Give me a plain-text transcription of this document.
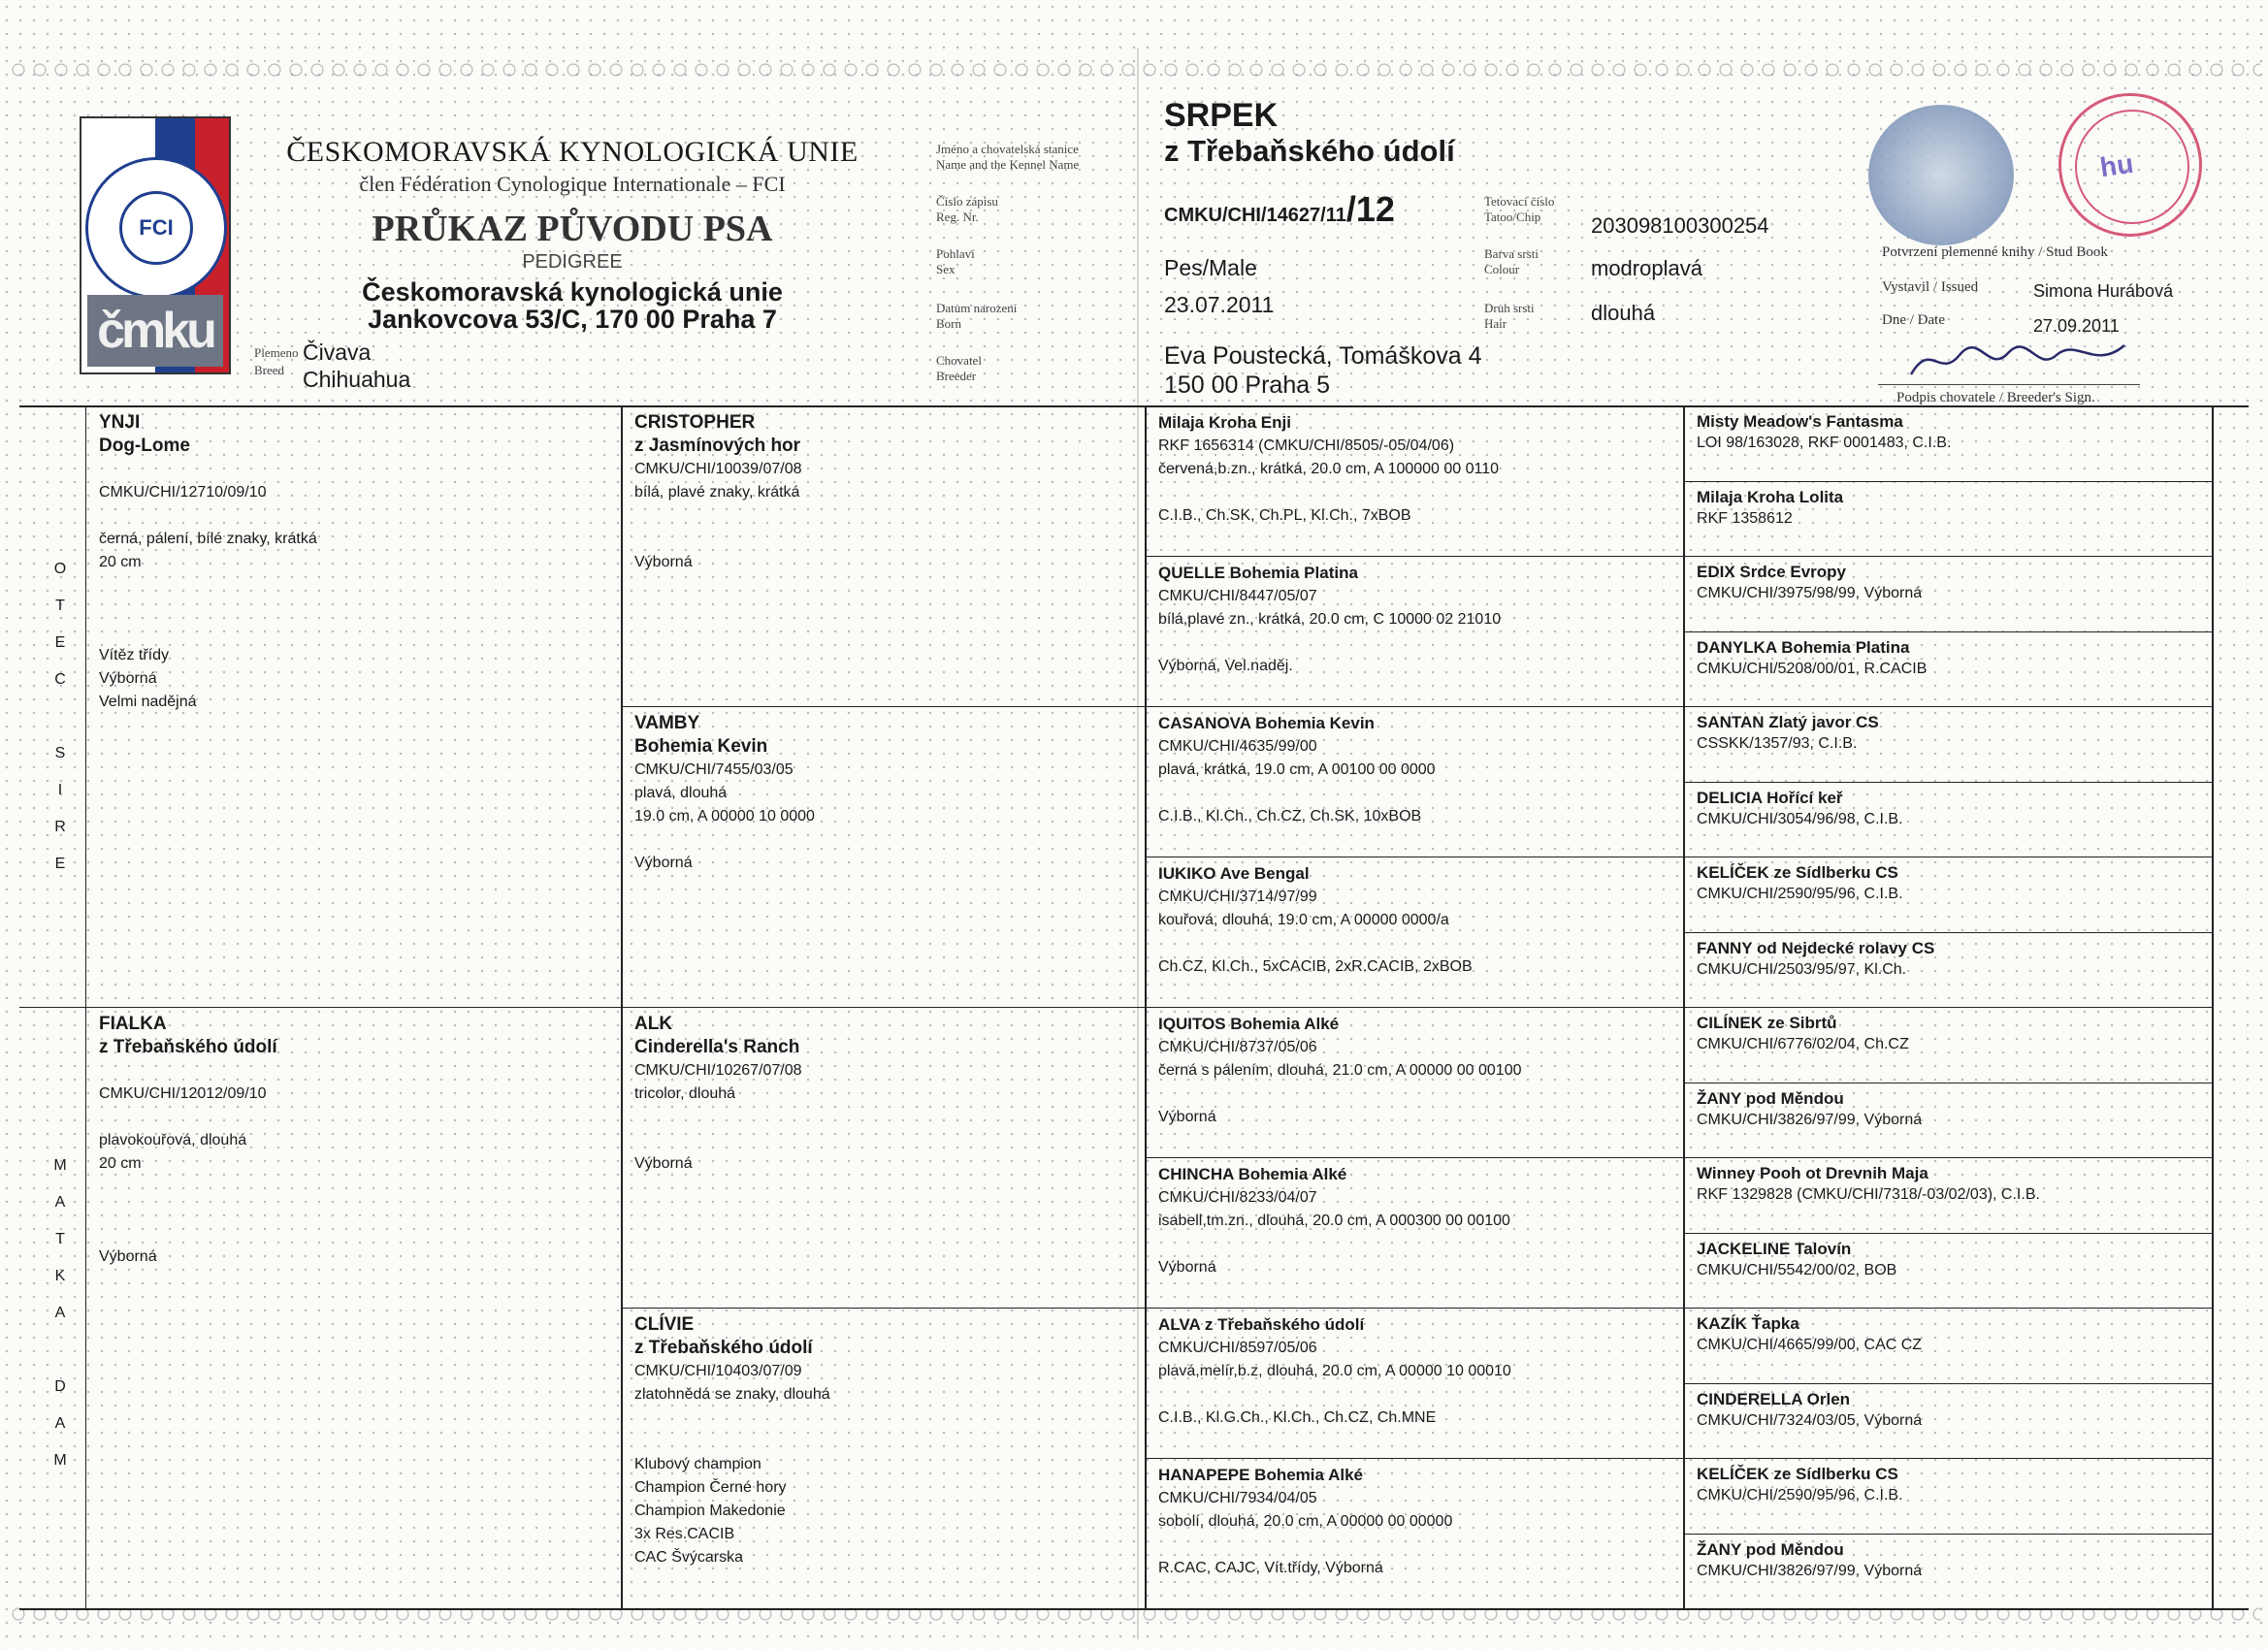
FCI
čmku
ČESKOMORAVSKÁ KYNOLOGICKÁ UNIE
člen Fédération Cynologique Internationale – FCI
PRŮKAZ PŮVODU PSA
PEDIGREE
Českomoravská kynologická unie
Jankovcova 53/C, 170 00 Praha 7
Plemeno
Breed
Čivava
Chihuahua
Jméno a chovatelská stanice
Name and the Kennel Name
Číslo zápisu
Reg. Nr.
Pohlaví
Sex
Datum narození
Born
Chovatel
Breeder
SRPEK
z Třebaňského údolí
CMKU/CHI/14627/11/12
Pes/Male
23.07.2011
Eva Poustecká, Tomáškova 4
150 00 Praha 5
Tetovací číslo
Tatoo/Chip
Barva srsti
Colour
Druh srsti
Hair
203098100300254
modroplavá
dlouhá
hu
Potvrzení plemenné knihy / Stud Book
Vystavil / Issued	Simona Hurábová
Dne / Date	27.09.2011
Podpis chovatele / Breeder's Sign.
YNJI
Dog-Lome

CMKU/CHI/12710/09/10

černá, pálení, bílé znaky, krátká
20 cm

Vítěz třídy
Výborná
Velmi nadějná
FIALKA
z Třebaňského údolí

CMKU/CHI/12012/09/10

plavokouřová, dlouhá
20 cm

Výborná
CRISTOPHER
z Jasmínových hor
CMKU/CHI/10039/07/08
bílá, plavé znaky, krátká

Výborná
VAMBY
Bohemia Kevin
CMKU/CHI/7455/03/05
plavá, dlouhá
19.0 cm, A 00000 10 0000

Výborná
ALK
Cinderella's Ranch
CMKU/CHI/10267/07/08
tricolor, dlouhá

Výborná
CLÍVIE
z Třebaňského údolí
CMKU/CHI/10403/07/09
zlatohnědá se znaky, dlouhá

Klubový champion
Champion Černé hory
Champion Makedonie
3x Res.CACIB
CAC Švýcarska
Milaja Kroha Enji
RKF 1656314 (CMKU/CHI/8505/-05/04/06)
červená,b.zn., krátká, 20.0 cm, A 100000 00 0110

C.I.B., Ch.SK, Ch.PL, Kl.Ch., 7xBOB
QUELLE Bohemia Platina
CMKU/CHI/8447/05/07
bílá,plavé zn., krátká, 20.0 cm, C 10000 02 21010

Výborná, Vel.naděj.
CASANOVA Bohemia Kevin
CMKU/CHI/4635/99/00
plavá, krátká, 19.0 cm, A 00100 00 0000

C.I.B., Kl.Ch., Ch.CZ, Ch.SK, 10xBOB
IUKIKO Ave Bengal
CMKU/CHI/3714/97/99
kouřová, dlouhá, 19.0 cm, A 00000 0000/a

Ch.CZ, Kl.Ch., 5xCACIB, 2xR.CACIB, 2xBOB
IQUITOS Bohemia Alké
CMKU/CHI/8737/05/06
černá s pálením, dlouhá, 21.0 cm, A 00000 00 00100

Výborná
CHINCHA Bohemia Alké
CMKU/CHI/8233/04/07
isabell,tm.zn., dlouhá, 20.0 cm, A 000300 00 00100

Výborná
ALVA z Třebaňského údolí
CMKU/CHI/8597/05/06
plavá,melír,b.z, dlouhá, 20.0 cm, A 00000 10 00010

C.I.B., Kl.G.Ch., Kl.Ch., Ch.CZ, Ch.MNE
HANAPEPE Bohemia Alké
CMKU/CHI/7934/04/05
sobolí, dlouhá, 20.0 cm, A 00000 00 00000

R.CAC, CAJC, Vít.třídy, Výborná
Misty Meadow's Fantasma
LOI 98/163028, RKF 0001483, C.I.B.
Milaja Kroha Lolita
RKF 1358612
EDIX Srdce Evropy
CMKU/CHI/3975/98/99, Výborná
DANYLKA Bohemia Platina
CMKU/CHI/5208/00/01, R.CACIB
SANTAN Zlatý javor CS
CSSKK/1357/93, C.I.B.
DELICIA Hořící keř
CMKU/CHI/3054/96/98, C.I.B.
KELÍČEK ze Sídlberku CS
CMKU/CHI/2590/95/96, C.I.B.
FANNY od Nejdecké rolavy CS
CMKU/CHI/2503/95/97, Kl.Ch.
CILÍNEK ze Sibrtů
CMKU/CHI/6776/02/04, Ch.CZ
ŽANY pod Měndou
CMKU/CHI/3826/97/99, Výborná
Winney Pooh ot Drevnih Maja
RKF 1329828 (CMKU/CHI/7318/-03/02/03), C.I.B.
JACKELINE Talovín
CMKU/CHI/5542/00/02, BOB
KAZÍK Ťapka
CMKU/CHI/4665/99/00, CAC CZ
CINDERELLA Orlen
CMKU/CHI/7324/03/05, Výborná
KELÍČEK ze Sídlberku CS
CMKU/CHI/2590/95/96, C.I.B.
ŽANY pod Měndou
CMKU/CHI/3826/97/99, Výborná
O
T
E
C

S
I
R
E
M
A
T
K
A

D
A
M
